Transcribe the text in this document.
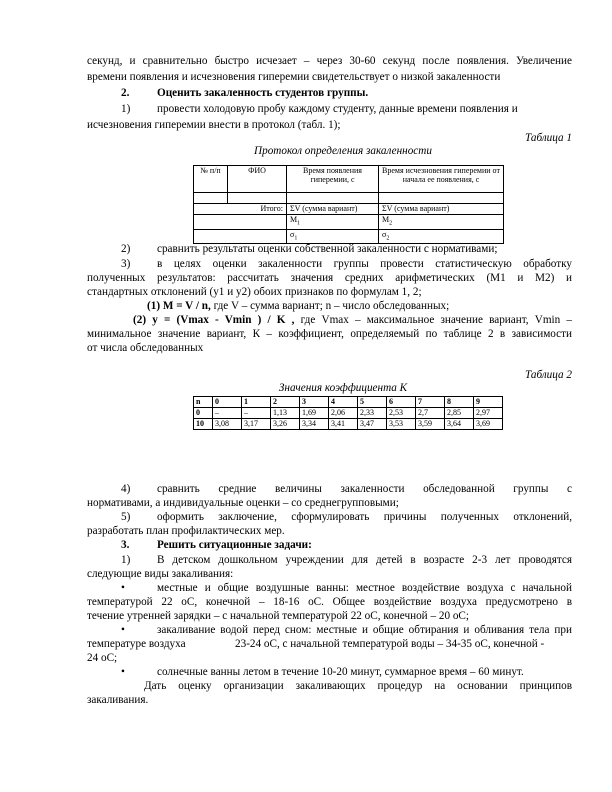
секунд, и сравнительно быстро исчезает – через 30-60 секунд после появления. Увеличение
времени появления и исчезновения гиперемии свидетельствует о низкой закаленности
2. Оценить закаленность студентов группы.
1) провести холодовую пробу каждому студенту, данные времени появления и
исчезновения гиперемии внести в протокол (табл. 1);
Таблица 1
Протокол определения закаленности
№ п/п	ФИО	Время появления гиперемии, с	Время исчезновения гиперемии от начала ее появления, с

Итого:		ΣV (сумма вариант)	ΣV (сумма вариант)
		$M_1$	$M_2$
		$\sigma_1$	$\sigma_2$
2) сравнить результаты оценки собственной закаленности с нормативами;
3) в целях оценки закаленности группы провести статистическую обработку
полученных результатов: рассчитать значения средних арифметических (М1 и М2) и
стандартных отклонений (y1 и y2) обоих признаков по формулам 1, 2;
(1) M = V / n, где V – сумма вариант; n – число обследованных;
(2) y = (Vmax - Vmin ) / K , где Vmax – максимальное значение вариант, Vmin –
минимальное значение вариант, К – коэффициент, определяемый по таблице 2 в зависимости
от числа обследованных
Таблица 2
Значения коэффициента К
n	0	1	2	3	4	5	6	7	8	9
0	–	–	1,13	1,69	2,06	2,33	2,53	2,7	2,85	2,97
10	3,08	3,17	3,26	3,34	3,41	3,47	3,53	3,59	3,64	3,69
4) сравнить средние величины закаленности обследованной группы с
нормативами, а индивидуальные оценки – со среднегрупповыми;
5) оформить заключение, сформулировать причины полученных отклонений,
разработать план профилактических мер.
3. Решить ситуационные задачи:
1) В детском дошкольном учреждении для детей в возрасте 2-3 лет проводятся
следующие виды закаливания:
•	местные и общие воздушные ванны: местное воздействие воздуха с начальной
температурой 22 оС, конечной – 18-16 оС. Общее воздействие воздуха предусмотрено в
течение утренней зарядки – с начальной температурой 22 оС, конечной – 20 оС;
•	закаливание водой перед сном: местные и общие обтирания и обливания тела при
температуре воздуха	23-24 оС, с начальной температурой воды – 34-35 оС, конечной -
24 оС;
•	солнечные ванны летом в течение 10-20 минут, суммарное время – 60 минут.
Дать оценку организации закаливающих процедур на основании принципов
закаливания.
